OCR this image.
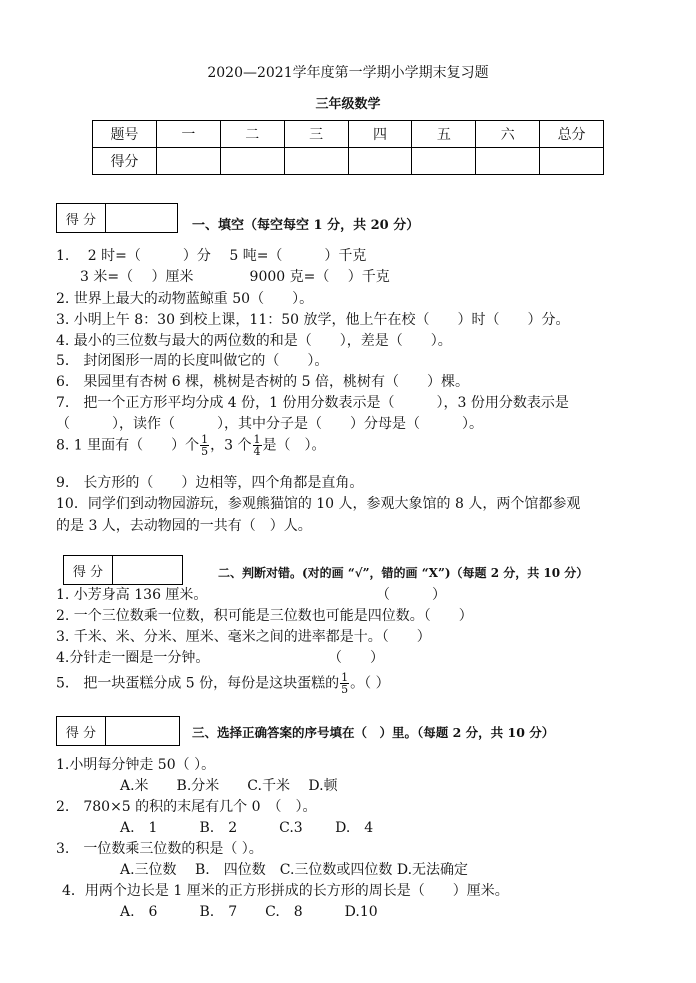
2020—2021学年度第一学期小学期末复习题
三年级数学
题号	一	二	三	四	五	六	总分
得分							
得 分	一、填空（每空每空 1 分，共 20 分）
1.　 2 时=（　　　）分　 5 吨=（　　　）千克
3 米=（　 ）厘米　　　　9000 克=（　 ）千克
2. 世界上最大的动物蓝鲸重 50（　　）。
3. 小明上午 8：30 到校上课，11：50 放学，他上午在校（　　）时（　　）分。
4. 最小的三位数与最大的两位数的和是（　　），差是（　　）。
5． 封闭图形一周的长度叫做它的（　　）。
6.　果园里有杏树 6 棵，桃树是杏树的 5 倍，桃树有（　　）棵。
7.　把一个正方形平均分成 4 份，1 份用分数表示是（　　　），3 份用分数表示是
（　　　），读作（　　　），其中分子是（　　）分母是（　　　）。
8. 1 里面有（　　）个 $\frac{1}{5}$ ，3 个 $\frac{1}{4}$ 是（　）。
9.　长方形的（　　）边相等，四个角都是直角。
10．同学们到动物园游玩，参观熊猫馆的 10 人，参观大象馆的 8 人，两个馆都参观
的是 3 人，去动物园的一共有（　）人。
得 分	二、判断对错。(对的画 “√”，错的画 “X”)（每题 2 分，共 10 分）
1. 小芳身高 136 厘米。	（　　　）
2. 一个三位数乘一位数，积可能是三位数也可能是四位数。（　　）
3. 千米、米、分米、厘米、毫米之间的进率都是十。（　　）
4.分针走一圈是一分钟。	（　　）
5.　把一块蛋糕分成 5 份，每份是这块蛋糕的 $\frac{1}{5}$ 。（ ）
得 分	三、选择正确答案的序号填在（　）里。（每题 2 分，共 10 分）
1.小明每分钟走 50（ ）。
A.米　　B.分米　　C.千米　 D.顿
2.　780×5 的积的末尾有几个 0　（　）。
A.　1　　　B.　2　　　C.3　　 D.　4
3.　一位数乘三位数的积是（ ）。
A.三位数　 B.　四位数　C.三位数或四位数 D.无法确定
4．用两个边长是 1 厘米的正方形拼成的长方形的周长是（　　）厘米。
A.　6　　　B.　7　　C.　8　　　D.10
